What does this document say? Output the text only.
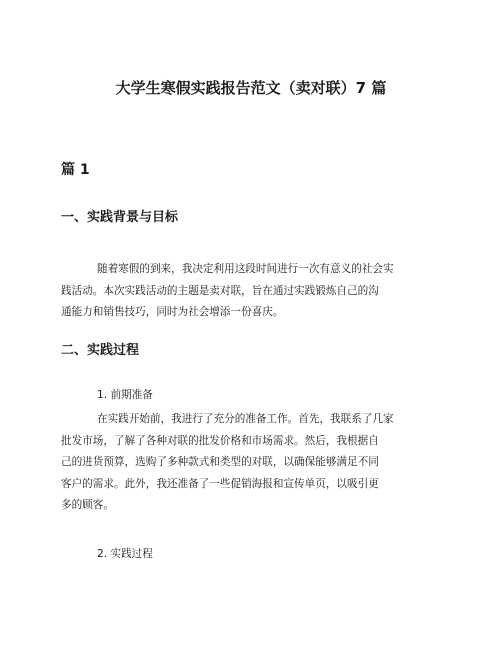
大学生寒假实践报告范文（卖对联）7 篇
篇 1
一、实践背景与目标

随着寒假的到来，我决定利用这段时间进行一次有意义的社会实
践活动。本次实践活动的主题是卖对联，旨在通过实践锻炼自己的沟
通能力和销售技巧，同时为社会增添一份喜庆。

二、实践过程
1. 前期准备

在实践开始前，我进行了充分的准备工作。首先，我联系了几家
批发市场，了解了各种对联的批发价格和市场需求。然后，我根据自
己的进货预算，选购了多种款式和类型的对联，以确保能够满足不同
客户的需求。此外，我还准备了一些促销海报和宣传单页，以吸引更
多的顾客。

2. 实践过程
